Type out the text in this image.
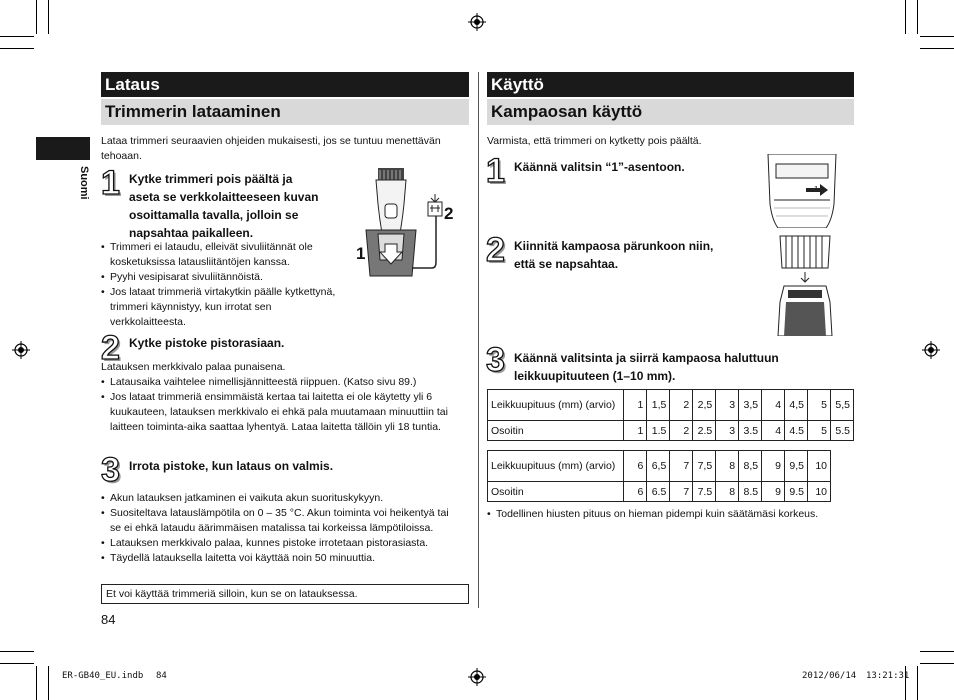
Lataus
Trimmerin lataaminen
Suomi
Lataa trimmeri seuraavien ohjeiden mukaisesti, jos se tuntuu menettävän tehoaan.
1 Kytke trimmeri pois päältä ja
aseta se verkkolaitteeseen kuvan
osoittamalla tavalla, jolloin se
napsahtaa paikalleen.
1
2
• Trimmeri ei lataudu, elleivät sivuliitännät ole kosketuksissa latausliitäntöjen kanssa.
• Pyyhi vesipisarat sivuliitännöistä.
• Jos lataat trimmeriä virtakytkin päälle kytkettynä, trimmeri käynnistyy, kun irrotat sen verkkolaitteesta.
2 Kytke pistoke pistorasiaan.
Latauksen merkkivalo palaa punaisena.
• Latausaika vaihtelee nimellisjännitteestä riippuen. (Katso sivu 89.)
• Jos lataat trimmeriä ensimmäistä kertaa tai laitetta ei ole käytetty yli 6 kuukauteen, latauksen merkkivalo ei ehkä pala muutamaan minuuttiin tai laitteen toiminta-aika saattaa lyhentyä. Lataa laitetta tällöin yli 18 tuntia.
3 Irrota pistoke, kun lataus on valmis.
• Akun latauksen jatkaminen ei vaikuta akun suorituskykyyn.
• Suositeltava latauslämpötila on 0 – 35 °C. Akun toiminta voi heikentyä tai se ei ehkä lataudu äärimmäisen matalissa tai korkeissa lämpötiloissa.
• Latauksen merkkivalo palaa, kunnes pistoke irrotetaan pistorasiasta.
• Täydellä latauksella laitetta voi käyttää noin 50 minuuttia.
Et voi käyttää trimmeriä silloin, kun se on latauksessa.
84
Käyttö
Kampaosan käyttö
Varmista, että trimmeri on kytketty pois päältä.
1 Käännä valitsin “1”-asentoon.
2 Kiinnitä kampaosa pärunkoon niin,
että se napsahtaa.
3 Käännä valitsinta ja siirrä kampaosa haluttuun
leikkuupituuteen (1–10 mm).
Leikkuupituus (mm) (arvio)	1	1,5	2	2,5	3	3,5	4	4,5	5	5,5
Osoitin	1	1.5	2	2.5	3	3.5	4	4.5	5	5.5
Leikkuupituus (mm) (arvio)	6	6,5	7	7,5	8	8,5	9	9,5	10
Osoitin	6	6.5	7	7.5	8	8.5	9	9.5	10
• Todellinen hiusten pituus on hieman pidempi kuin säätämäsi korkeus.
ER-GB40_EU.indb 84	2012/06/14 13:21:31
